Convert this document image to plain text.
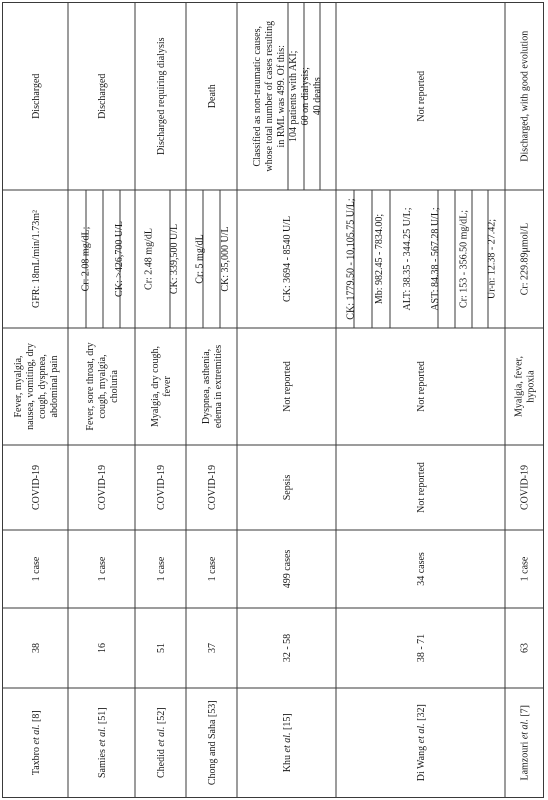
Taxbro et al. [8]
38
1 case
COVID-19
Fever, myalgia,nausea, vomiting, drycough, dyspnea,abdominal pain
GFR: 18mL/min/1.73m²
Discharged
Samies et al. [51]
16
1 case
COVID-19
Fever, sore throat, drycough, myalgia,choluria
Cr: 2.08 mg/dL; CK: >426,700 U/L
Discharged
Chedid et al. [52]
51
1 case
COVID-19
Myalgia, dry cough,fever
Cr: 2.48 mg/dL CK: 339,500 U/L
Discharged requiring dialysis
Chong and Saha [53]
37
1 case
COVID-19
Dyspnea, asthenia,edema in extremities
Cr: 5 mg/dL CK: 35,000 U/L
Death
Khu et al. [15]
32 - 58
499 cases
Sepsis
Not reported
CK: 3694 - 8540 U/L
Classified as non-traumatic causes,whose total number of cases resultingin RML was 499. Of this:104 patients with AKI;60 on dialysis;40 deaths
Di Wang et al. [32]
38 - 71
34 cases
Not reported
Not reported
CK: 1779.50 - 10,105.75 U/L; Mb: 982.45 - 7834.00; ALT: 38.35 - 344.25 U/L; AST: 84.38 - 567.28 U/L; Cr: 153 - 356.50 mg/dL; Ur-n: 12.38 - 27.42;
Not reported
Lamzouri et al. [7]
63
1 case
COVID-19
Myalgia, fever,hypoxia
Cr: 229.89μmol/L
Discharged, with good evolution
